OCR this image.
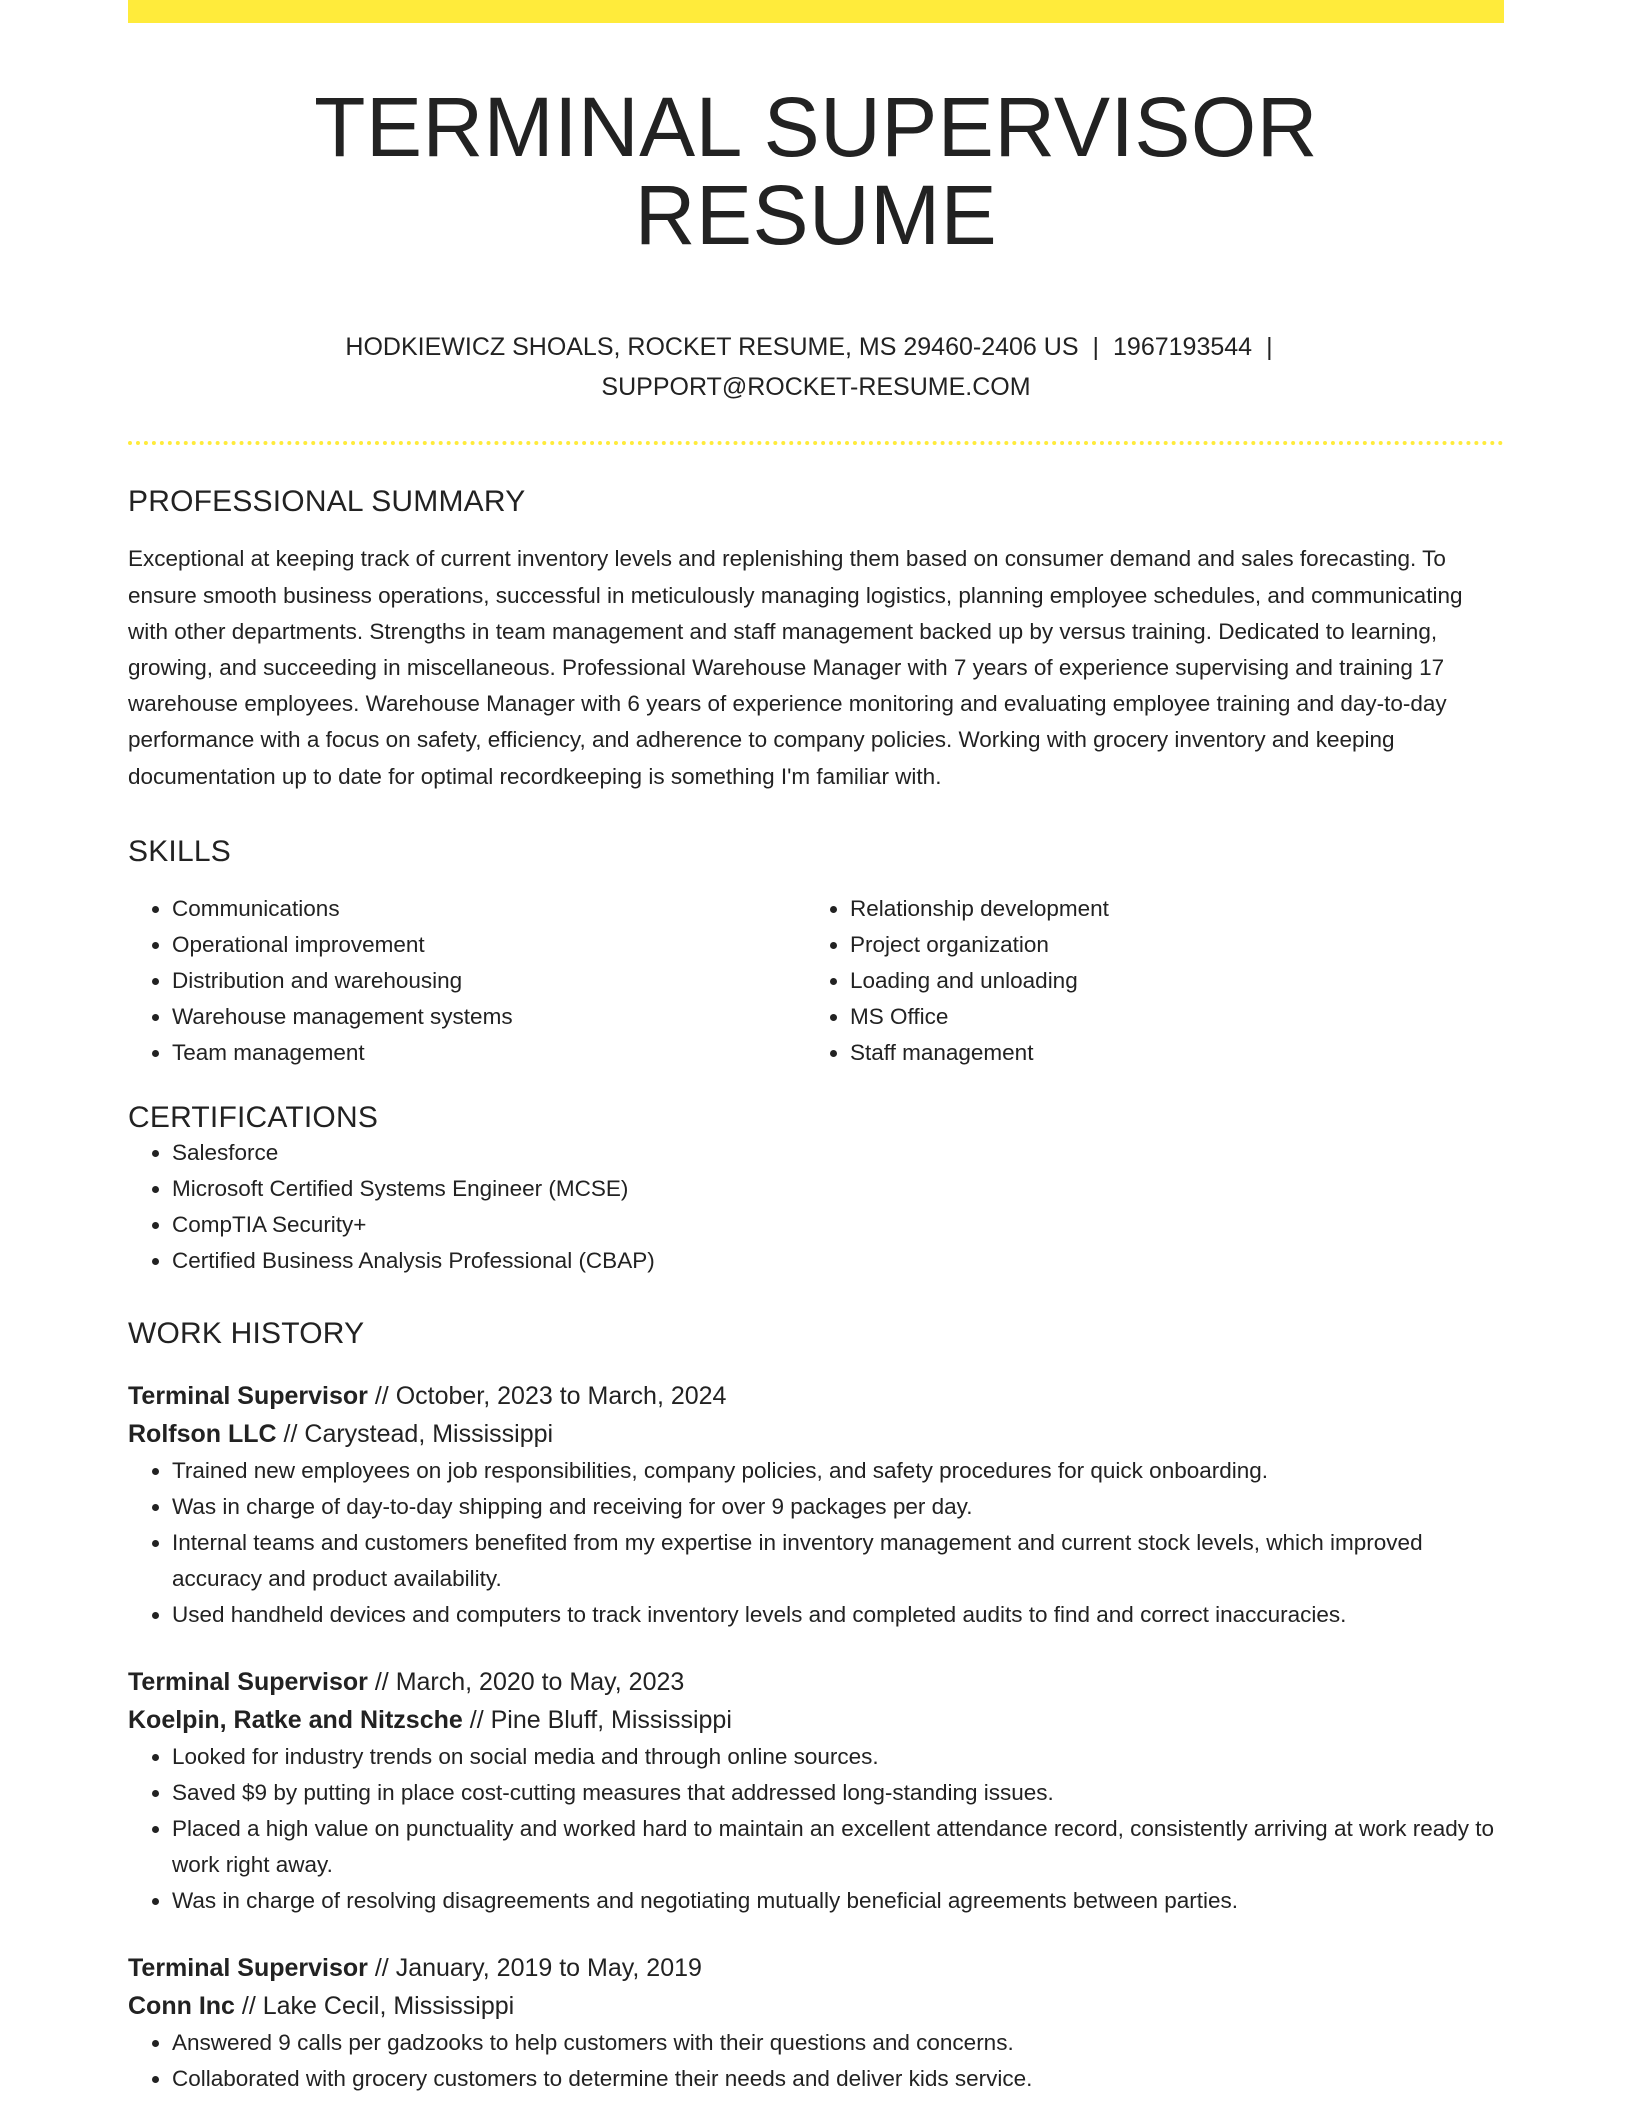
TERMINAL SUPERVISOR RESUME
HODKIEWICZ SHOALS, ROCKET RESUME, MS 29460-2406 US | 1967193544 |
SUPPORT@ROCKET-RESUME.COM
PROFESSIONAL SUMMARY

Exceptional at keeping track of current inventory levels and replenishing them based on consumer demand and sales forecasting. To ensure smooth business operations, successful in meticulously managing logistics, planning employee schedules, and communicating with other departments. Strengths in team management and staff management backed up by versus training. Dedicated to learning, growing, and succeeding in miscellaneous. Professional Warehouse Manager with 7 years of experience supervising and training 17 warehouse employees. Warehouse Manager with 6 years of experience monitoring and evaluating employee training and day-to-day performance with a focus on safety, efficiency, and adherence to company policies. Working with grocery inventory and keeping documentation up to date for optimal recordkeeping is something I'm familiar with.

SKILLS
• Communications
• Operational improvement
• Distribution and warehousing
• Warehouse management systems
• Team management
• Relationship development
• Project organization
• Loading and unloading
• MS Office
• Staff management
CERTIFICATIONS
• Salesforce
• Microsoft Certified Systems Engineer (MCSE)
• CompTIA Security+
• Certified Business Analysis Professional (CBAP)
WORK HISTORY
Terminal Supervisor // October, 2023 to March, 2024
Rolfson LLC // Carystead, Mississippi
• Trained new employees on job responsibilities, company policies, and safety procedures for quick onboarding.
• Was in charge of day-to-day shipping and receiving for over 9 packages per day.
• Internal teams and customers benefited from my expertise in inventory management and current stock levels, which improved accuracy and product availability.
• Used handheld devices and computers to track inventory levels and completed audits to find and correct inaccuracies.
Terminal Supervisor // March, 2020 to May, 2023
Koelpin, Ratke and Nitzsche // Pine Bluff, Mississippi
• Looked for industry trends on social media and through online sources.
• Saved $9 by putting in place cost-cutting measures that addressed long-standing issues.
• Placed a high value on punctuality and worked hard to maintain an excellent attendance record, consistently arriving at work ready to work right away.
• Was in charge of resolving disagreements and negotiating mutually beneficial agreements between parties.
Terminal Supervisor // January, 2019 to May, 2019
Conn Inc // Lake Cecil, Mississippi
• Answered 9 calls per gadzooks to help customers with their questions and concerns.
• Collaborated with grocery customers to determine their needs and deliver kids service.
